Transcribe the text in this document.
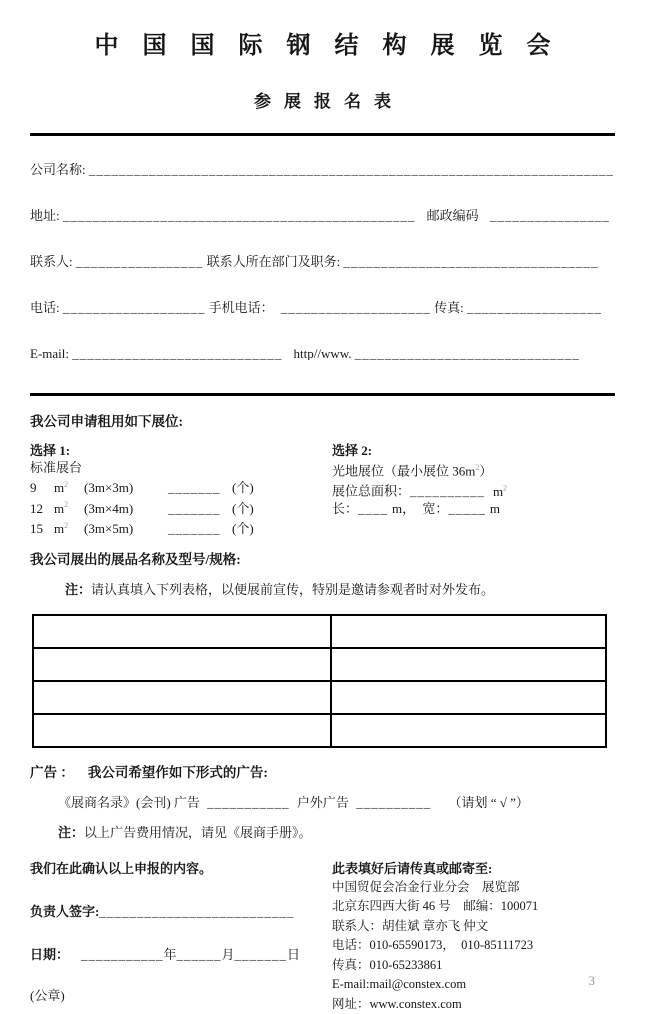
中国国际钢结构展览会
参展报名表
公司名称: ______________________________________________________________________
地址: _______________________________________________ 邮政编码 ________________
联系人: _________________ 联系人所在部门及职务: __________________________________
电话: ___________________ 手机电话： ____________________ 传真: __________________
E-mail: ____________________________ http//www. ______________________________
我公司申请租用如下展位:
选择 1:
标准展台
9 $m^2$ (3m×3m)	_______ (个)
12 $m^2$ (3m×4m)	_______ (个)
15 $m^2$ (3m×5m)	_______ (个)
选择 2:
光地展位（最小展位 $36m^2$）
展位总面积：__________ $m^2$
长：____ m， 宽：_____ m
我公司展出的展品名称及型号/规格:
注：请认真填入下列表格，以便展前宣传，特别是邀请参观者时对外发布。

广告 ： 我公司希望作如下形式的广告:
《展商名录》(会刊) 广告 ___________ 户外广告 __________ （请划 “ √ ”）
注：以上广告费用情况，请见《展商手册》。
我们在此确认以上申报的内容。
负责人签字:__________________________
日期： ___________年______月_______日
(公章)
此表填好后请传真或邮寄至:
中国贸促会冶金行业分会　展览部
北京东四西大街 46 号　邮编：100071
联系人：胡佳斌 章亦飞 仲文
电话：010-65590173，  010-85111723
传真：010-65233861
E-mail:mail@constex.com
网址：www.constex.com
3
